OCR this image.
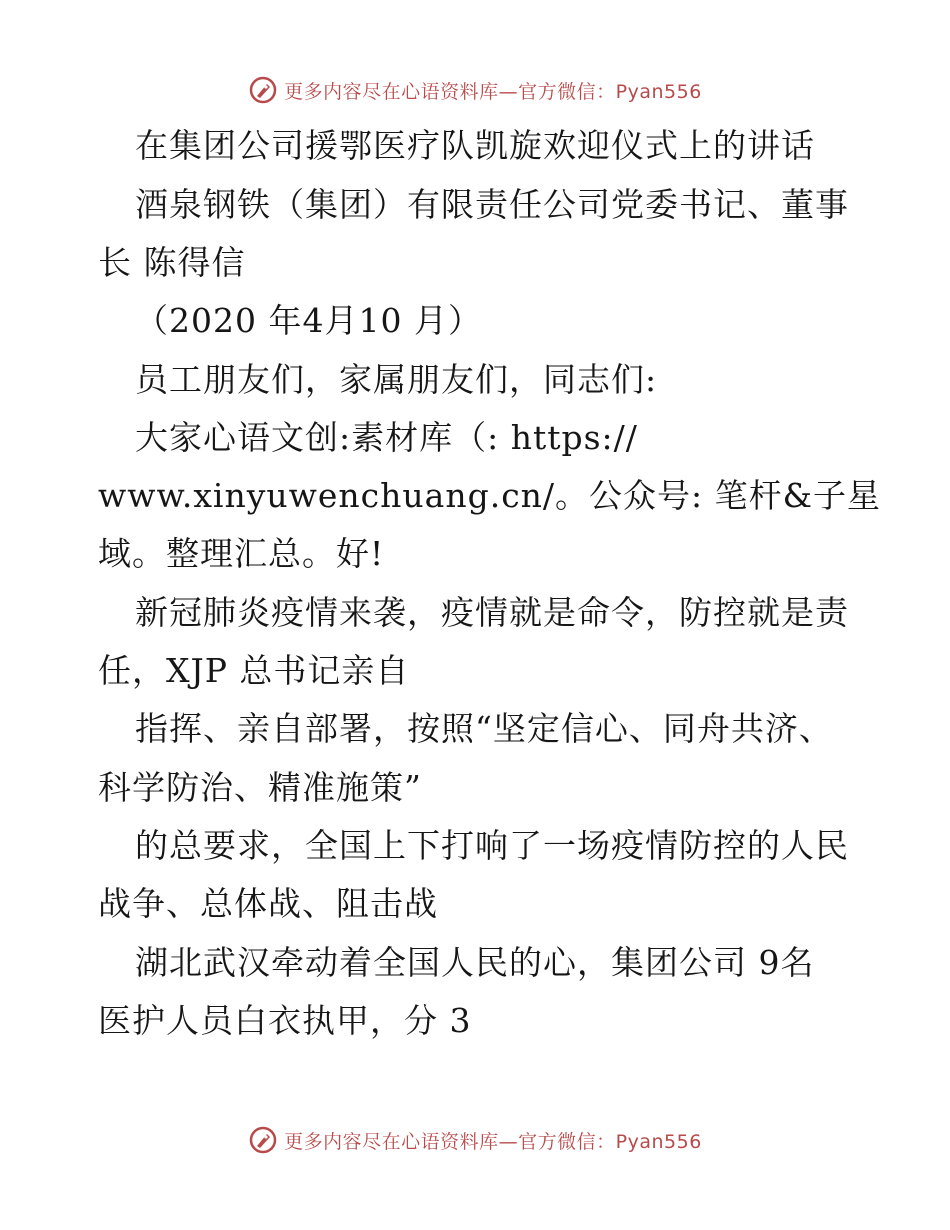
更多内容尽在心语资料库—官方微信：Pyan556
在集团公司援鄂医疗队凯旋欢迎仪式上的讲话
酒泉钢铁（集团）有限责任公司党委书记、董事
长 陈得信
（2020 年4月10 月）
员工朋友们，家属朋友们，同志们:
大家心语文创:素材库（: https://
www.xinyuwenchuang.cn/。公众号: 笔杆&子星
域。整理汇总。好!
新冠肺炎疫情来袭，疫情就是命令，防控就是责
任，XJP 总书记亲自
指挥、亲自部署，按照“坚定信心、同舟共济、
科学防治、精准施策”
的总要求，全国上下打响了一场疫情防控的人民
战争、总体战、阻击战
湖北武汉牵动着全国人民的心，集团公司 9名
医护人员白衣执甲，分 3
更多内容尽在心语资料库—官方微信：Pyan556
